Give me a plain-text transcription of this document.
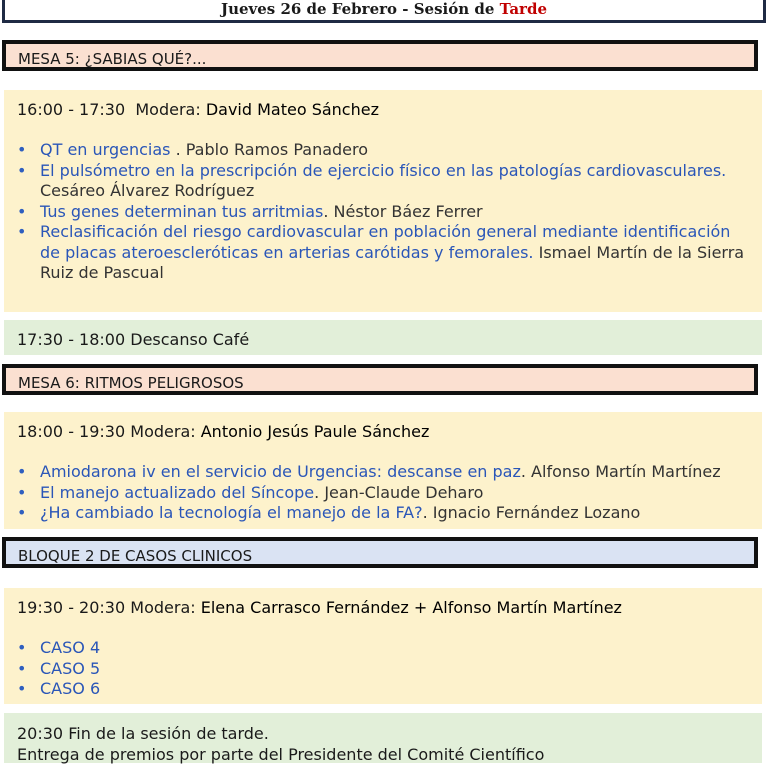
Jueves 26 de Febrero - Sesión de Tarde
MESA 5: ¿SABIAS QUÉ?...
16:00 - 17:30 Modera: David Mateo Sánchez
• QT en urgencias . Pablo Ramos Panadero
• El pulsómetro en la prescripción de ejercicio físico en las patologías cardiovasculares. Cesáreo Álvarez Rodríguez
• Tus genes determinan tus arritmias. Néstor Báez Ferrer
• Reclasificación del riesgo cardiovascular en población general mediante identificación de placas ateroescleróticas en arterias carótidas y femorales. Ismael Martín de la Sierra Ruiz de Pascual
17:30 - 18:00 Descanso Café
MESA 6: RITMOS PELIGROSOS
18:00 - 19:30 Modera: Antonio Jesús Paule Sánchez
• Amiodarona iv en el servicio de Urgencias: descanse en paz. Alfonso Martín Martínez
• El manejo actualizado del Síncope. Jean-Claude Deharo
• ¿Ha cambiado la tecnología el manejo de la FA?. Ignacio Fernández Lozano
BLOQUE 2 DE CASOS CLINICOS
19:30 - 20:30 Modera: Elena Carrasco Fernández + Alfonso Martín Martínez
• CASO 4
• CASO 5
• CASO 6
20:30 Fin de la sesión de tarde.
Entrega de premios por parte del Presidente del Comité Científico
